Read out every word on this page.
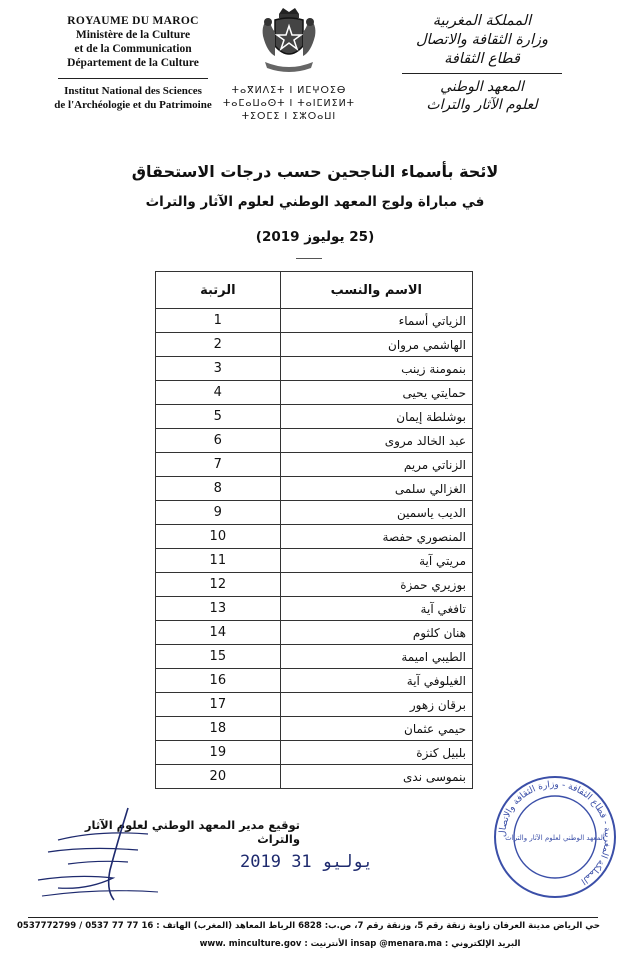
ROYAUME DU MAROC
Ministère de la Culture
et de la Communication
Département de la Culture
Institut National des Sciences
de l'Archéologie et du Patrimoine
ⵜⴰⴳⵍⴷⵉⵜ ⵏ ⵍⵎⵖⵔⵉⴱ
ⵜⴰⵎⴰⵡⴰⵙⵜ ⵏ ⵜⴰⵏⵎⵍⵉⵍⵜ
ⵜⵉⵔⵎⵉ ⵏ ⵉⵣⵔⴰⵡⵏ
المملكة المغربية
وزارة الثقافة والاتصال
قطاع الثقافة
المعهد الوطني
لعلوم الآثار والتراث
لائحة بأسماء الناجحين حسب درجات الاستحقاق
في مباراة ولوج المعهد الوطني لعلوم الآثار والتراث
(25 يوليوز 2019)
الاسم والنسب	الرتبة
الزياتي أسماء	1
الهاشمي مروان	2
بنمومنة زينب	3
حمايتي يحيى	4
بوشلطة إيمان	5
عبد الخالد مروى	6
الزناتي مريم	7
الغزالي سلمى	8
الديب ياسمين	9
المنصوري حفصة	10
مريتي آية	11
بوزيري حمزة	12
تافغي آية	13
هنان كلثوم	14
الطيبي اميمة	15
الغيلوفي آية	16
برقان زهور	17
حيمي عثمان	18
بلبيل كنزة	19
بنموسى ندى	20
توقيع مدير المعهد الوطني لعلوم الآثار والتراث
2019 يوليو 31
المملكة المغربية - قطاع الثقافة - وزارة الثقافة والاتصال
المعهد الوطني لعلوم الآثار والتراث
حي الرياض مدينة العرفان زاوية زنقة رقم 5، وزنقة رقم 7، ص.ب: 6828 الرباط المعاهد (المغرب) الهاتف : 16 77 77 0537 / 0537772799
البريد الإلكتروني : insap @menara.ma الأنترنيت : www. minculture.gov
